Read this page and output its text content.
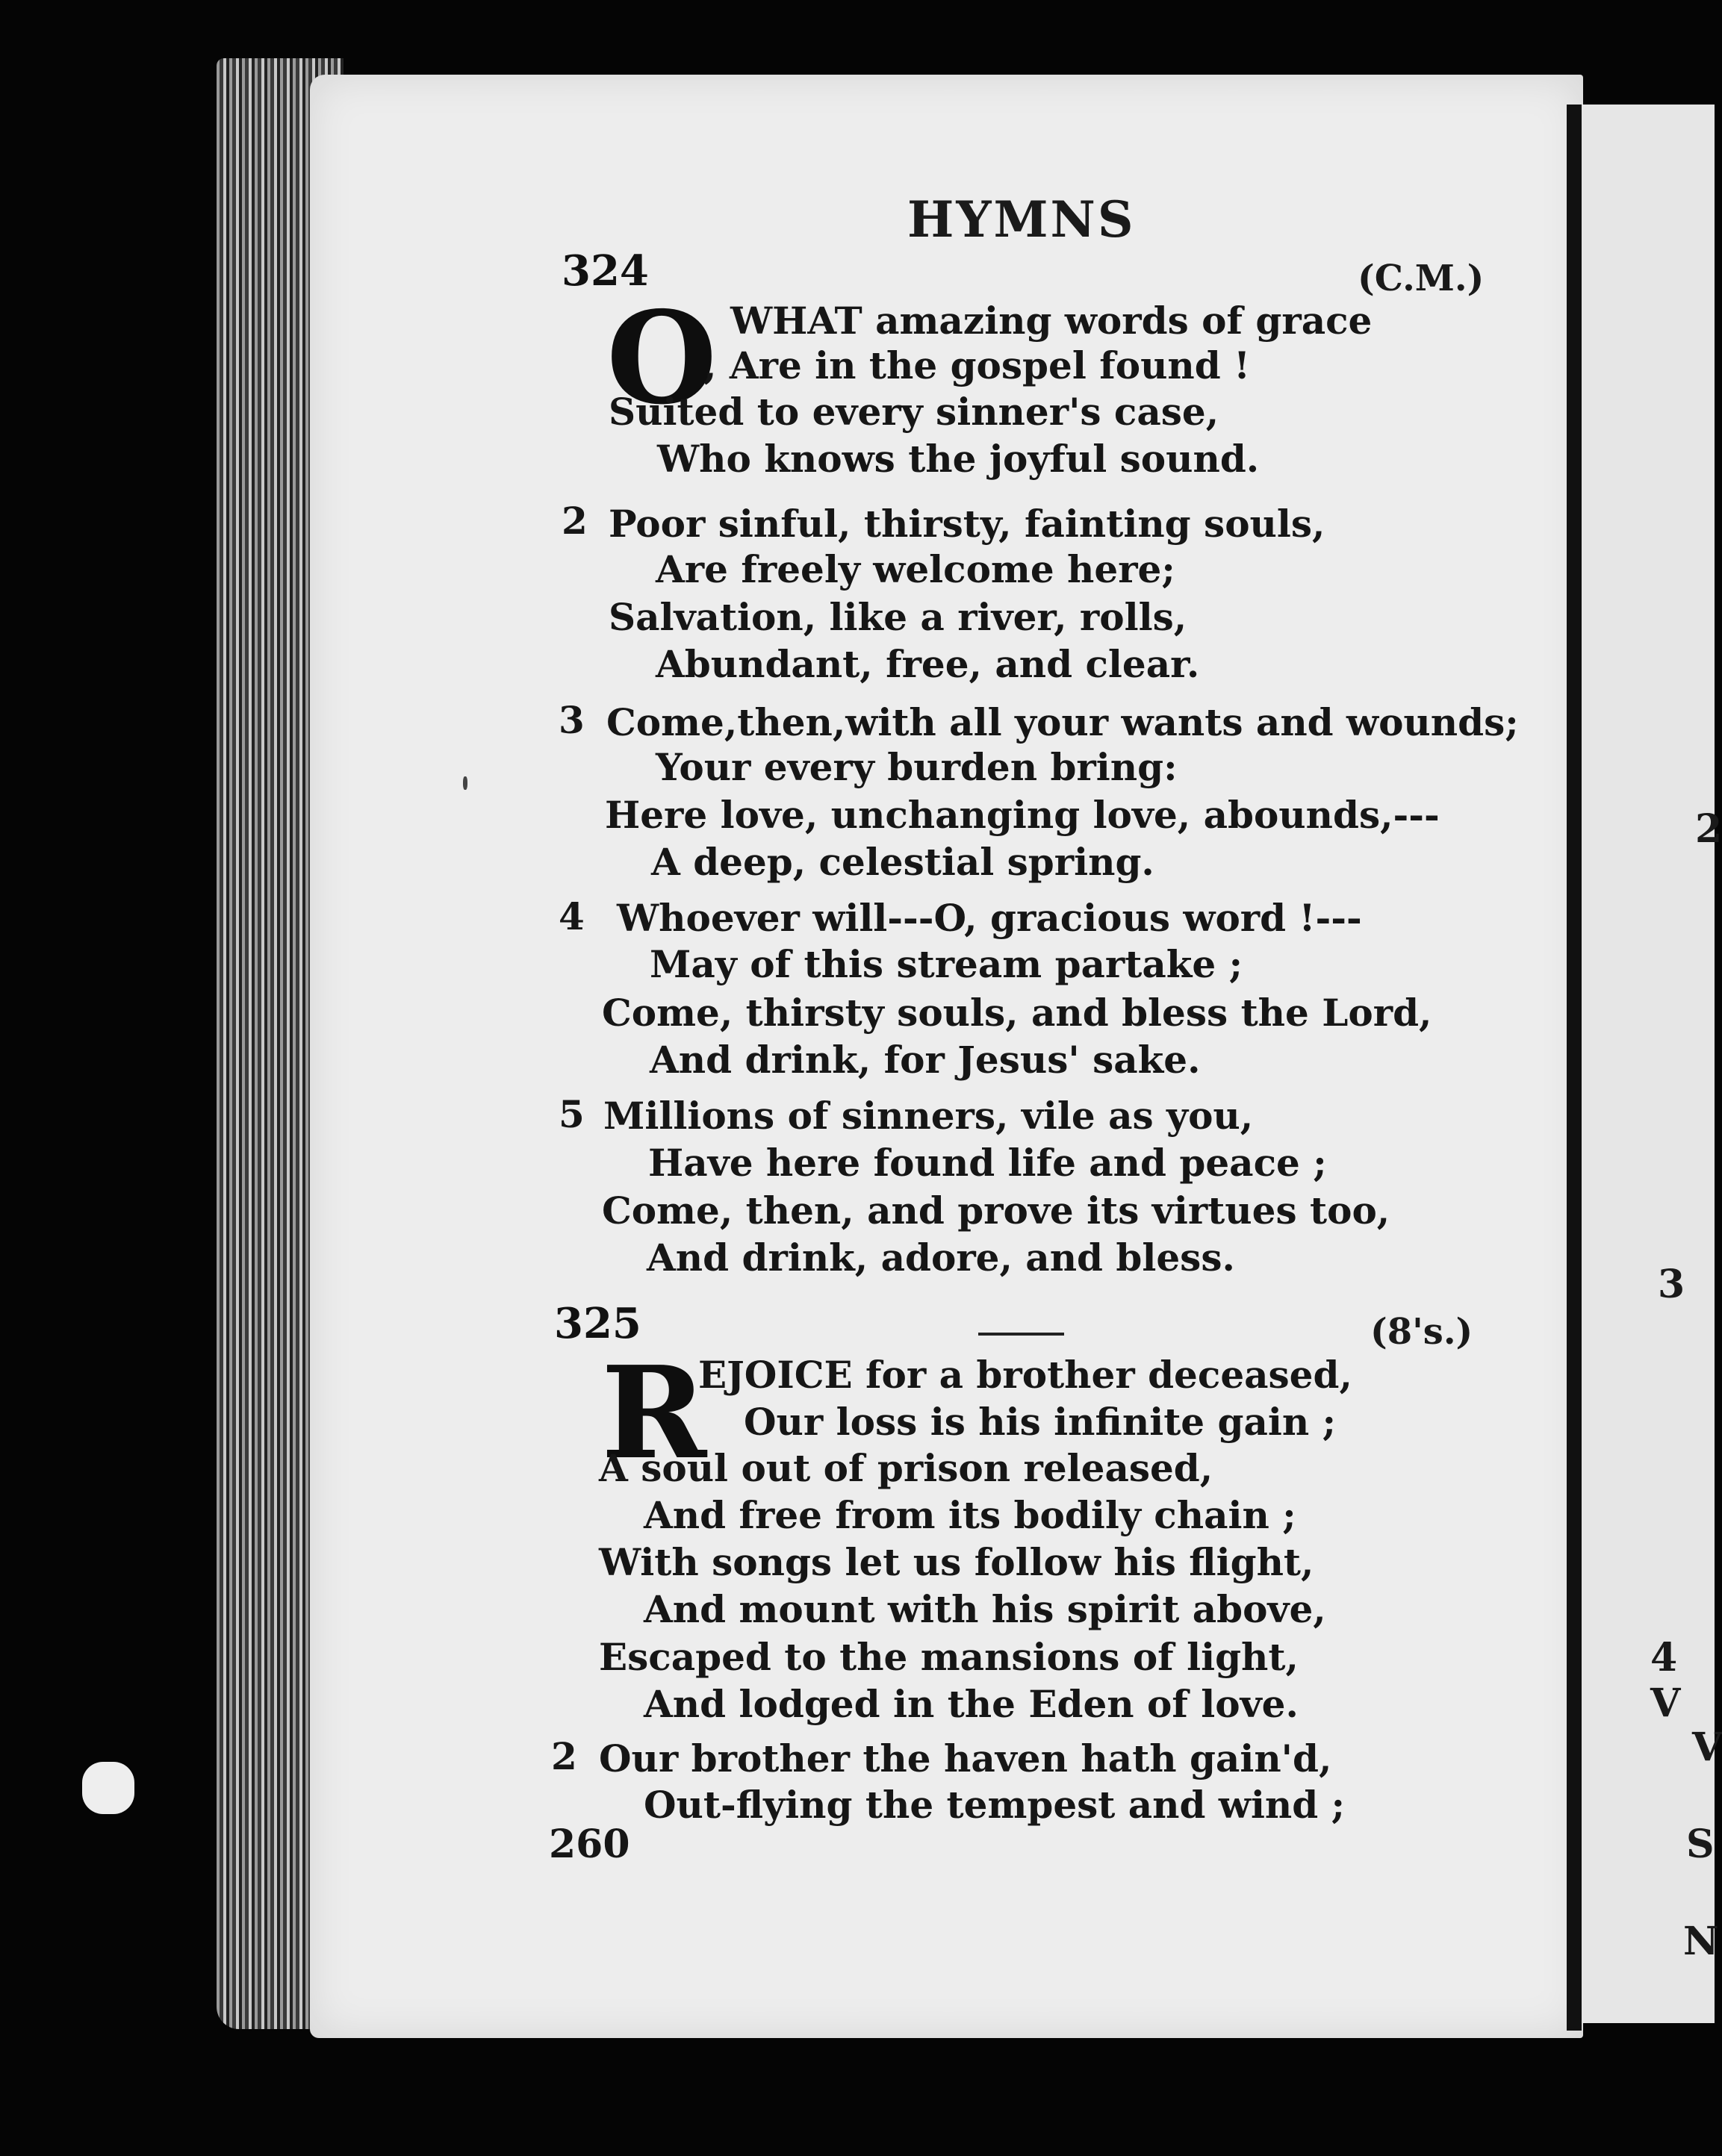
2
3
4 V
V
S
N
HYMNS
324	(C.M.)
O WHAT amazing words of grace
, Are in the gospel found !
Suited to every sinner's case,
Who knows the joyful sound.
2 Poor sinful, thirsty, fainting souls,
Are freely welcome here;
Salvation, like a river, rolls,
Abundant, free, and clear.
3 Come,then,with all your wants and wounds;
Your every burden bring:
Here love, unchanging love, abounds,---
A deep, celestial spring.
4 Whoever will---O, gracious word !---
May of this stream partake ;
Come, thirsty souls, and bless the Lord,
And drink, for Jesus' sake.
5 Millions of sinners, vile as you,
Have here found life and peace ;
Come, then, and prove its virtues too,
And drink, adore, and bless.
325	(8's.)
R
EJOICE for a brother deceased,
Our loss is his infinite gain ;
A soul out of prison released,
And free from its bodily chain ;
With songs let us follow his flight,
And mount with his spirit above,
Escaped to the mansions of light,
And lodged in the Eden of love.
2 Our brother the haven hath gain'd,
Out-flying the tempest and wind ;
260
